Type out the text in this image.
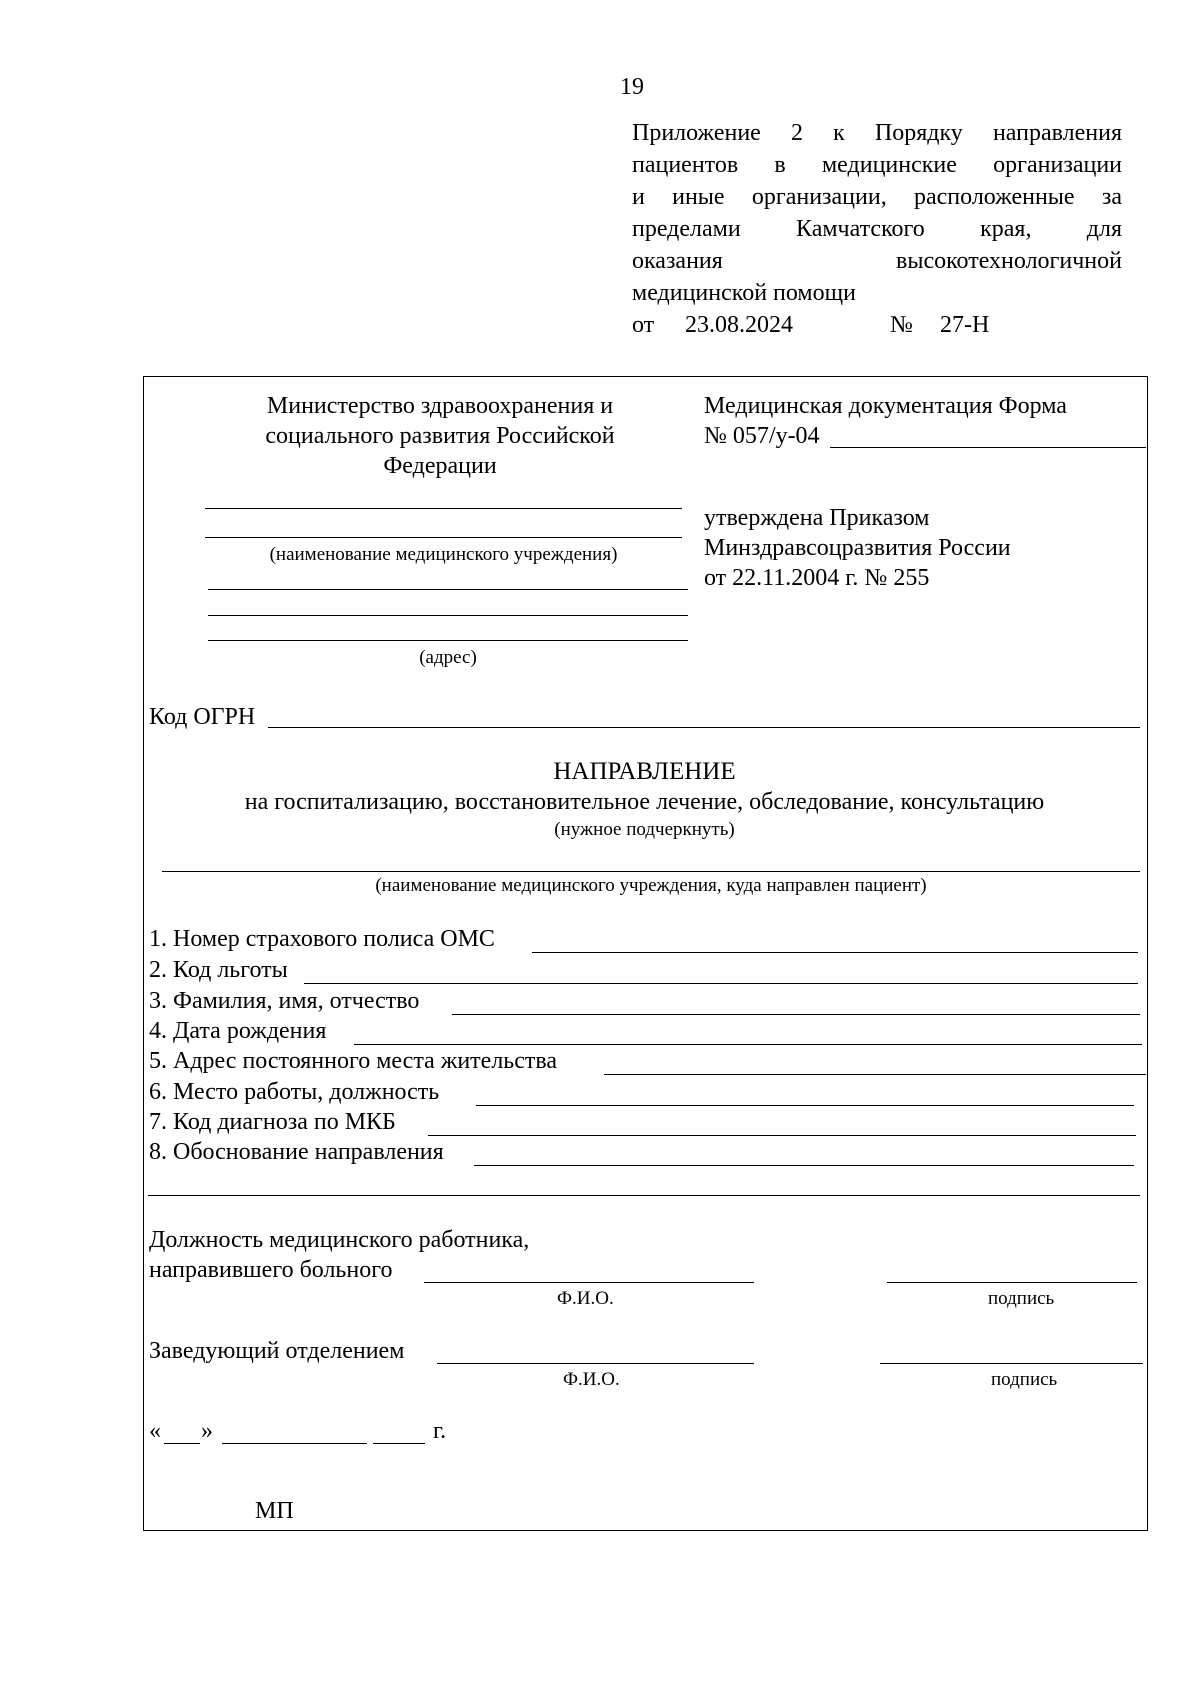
19
Приложение 2 к Порядку направления
пациентов в медицинские организации
и иные организации, расположенные за
пределами Камчатского края, для
оказания высокотехнологичной
медицинской помощи
от 23.08.2024	№ 27-Н
Министерство здравоохранения и
социального развития Российской
Федерации
Медицинская документация Форма
№ 057/у-04
(наименование медицинского учреждения)
утверждена Приказом
Минздравсоцразвития России
от 22.11.2004 г. № 255
(адрес)
Код ОГРН
НАПРАВЛЕНИЕ
на госпитализацию, восстановительное лечение, обследование, консультацию
(нужное подчеркнуть)
(наименование медицинского учреждения, куда направлен пациент)
1. Номер страхового полиса ОМС
2. Код льготы
3. Фамилия, имя, отчество
4. Дата рождения
5. Адрес постоянного места жительства
6. Место работы, должность
7. Код диагноза по МКБ
8. Обоснование направления
Должность медицинского работника,
направившего больного
Ф.И.О.	подпись
Заведующий отделением
Ф.И.О.	подпись
« »	г.
МП
